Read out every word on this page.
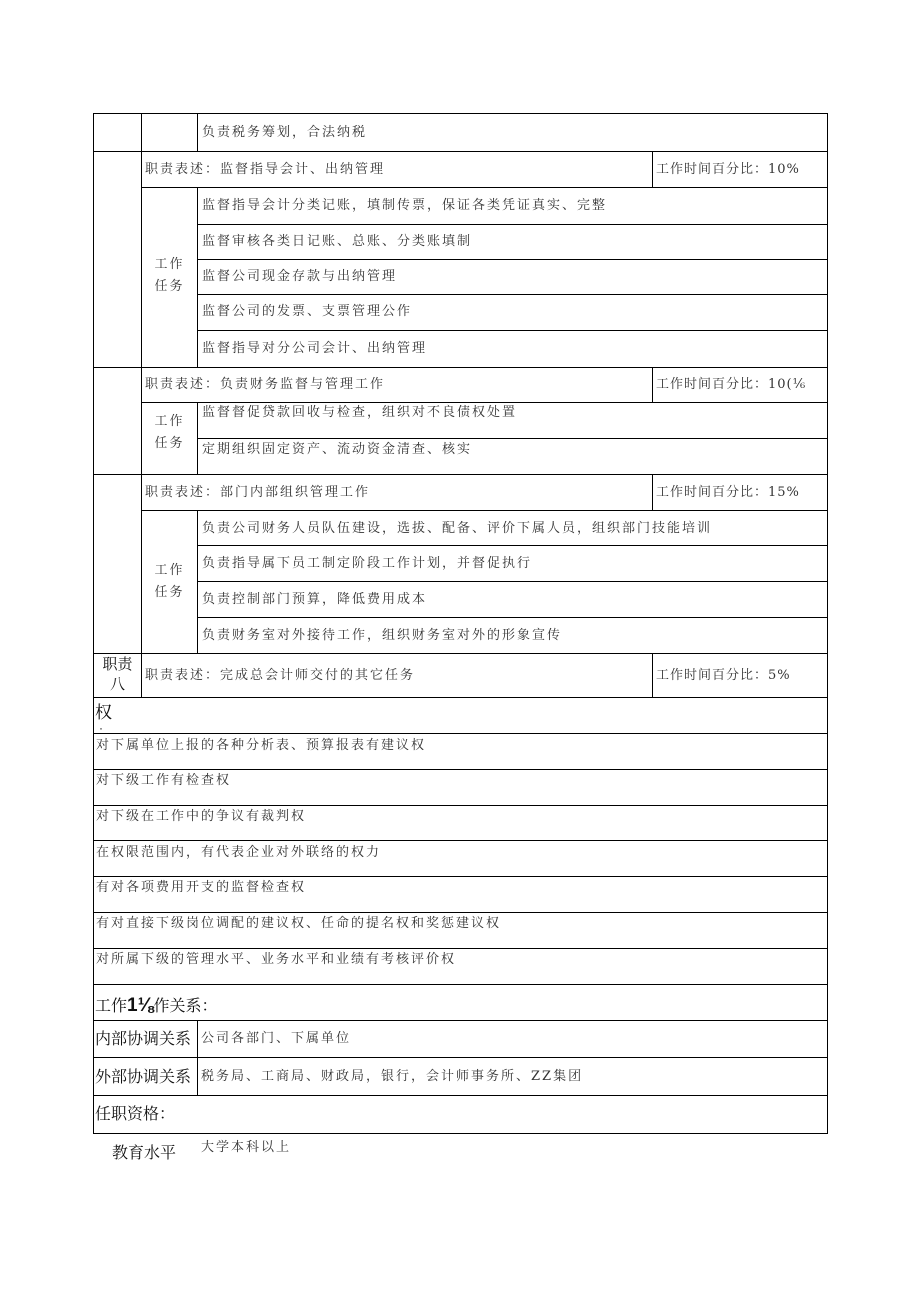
负责税务筹划，合法纳税
职责表述：监督指导会计、出纳管理	工作时间百分比：10%
工作
任务
监督指导会计分类记账，填制传票，保证各类凭证真实、完整
监督审核各类日记账、总账、分类账填制
监督公司现金存款与出纳管理
监督公司的发票、支票管理公作
监督指导对分公司会计、出纳管理
职责表述：负责财务监督与管理工作	工作时间百分比：10(⅙
工作
任务
监督督促贷款回收与检查，组织对不良债权处置
定期组织固定资产、流动资金清查、核实
职责表述：部门内部组织管理工作	工作时间百分比：15%
工作
任务
负责公司财务人员队伍建设，选拔、配备、评价下属人员，组织部门技能培训
负责指导属下员工制定阶段工作计划，并督促执行
负责控制部门预算，降低费用成本
负责财务室对外接待工作，组织财务室对外的形象宣传
职责
八
职责表述：完成总会计师交付的其它任务	工作时间百分比：5%
权
·
对下属单位上报的各种分析表、预算报表有建议权
对下级工作有检查权
对下级在工作中的争议有裁判权
在权限范围内，有代表企业对外联络的权力
有对各项费用开支的监督检查权
有对直接下级岗位调配的建议权、任命的提名权和奖惩建议权
对所属下级的管理水平、业务水平和业绩有考核评价权
工作1⅛作关系：
内部协调关系 公司各部门、下属单位
外部协调关系 税务局、工商局、财政局，银行，会计师事务所、ZZ集团
任职资格：
教育水平 大学本科以上
